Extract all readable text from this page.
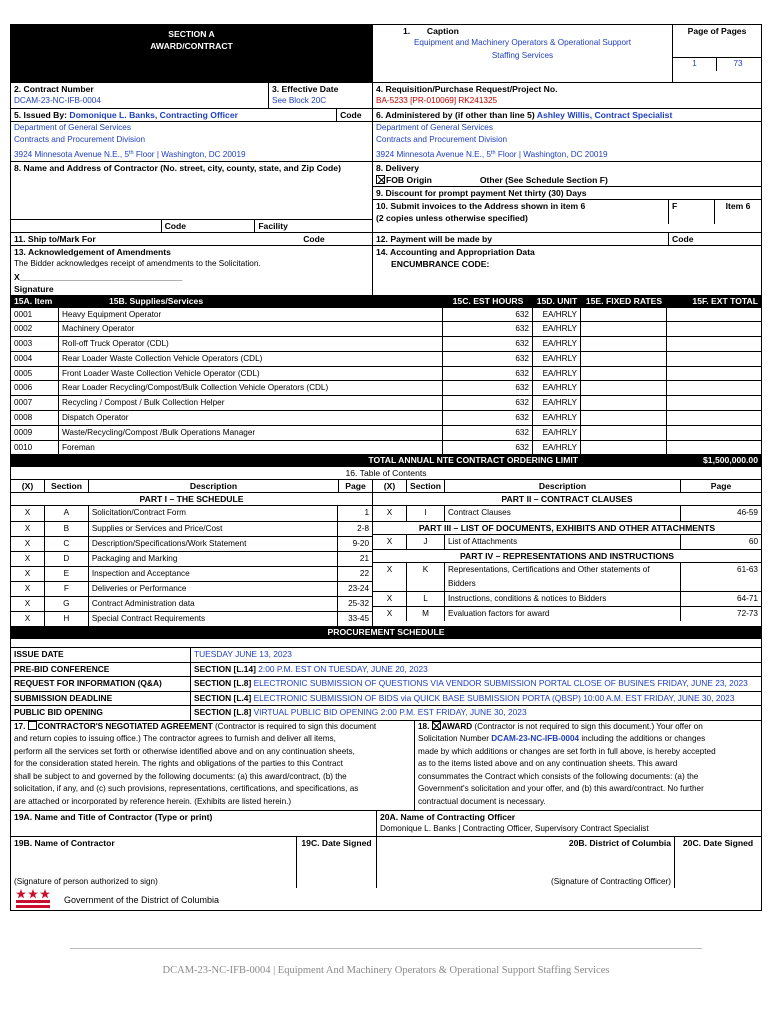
SECTION A
AWARD/CONTRACT
1. Caption
Equipment and Machinery Operators & Operational Support
Staffing Services
Page of Pages
1	73
2. Contract Number
DCAM-23-NC-IFB-0004
3. Effective Date
See Block 20C
4. Requisition/Purchase Request/Project No.
BA-5233 [PR-010069] RK241325
5. Issued By: Domonique L. Banks, Contracting Officer	Code
Department of General Services
Contracts and Procurement Division
3924 Minnesota Avenue N.E., 5th Floor | Washington, DC 20019
6. Administered by (if other than line 5) Ashley Willis, Contract Specialist
Department of General Services
Contracts and Procurement Division
3924 Minnesota Avenue N.E., 5th Floor | Washington, DC 20019
8. Name and Address of Contractor (No. street, city, county, state, and Zip Code)
Code	Facility
8. Delivery
FOB Origin	Other (See Schedule Section F)
9. Discount for prompt payment Net thirty (30) Days
10. Submit invoices to the Address shown in item 6
(2 copies unless otherwise specified)
F	Item 6
11. Ship to/Mark For	Code	12. Payment will be made by	Code
13. Acknowledgement of Amendments
The Bidder acknowledges receipt of amendments to the Solicitation.
X__________________________________
Signature
14. Accounting and Appropriation Data
ENCUMBRANCE CODE:
15A. Item	15B. Supplies/Services	15C. EST HOURS	15D. UNIT 15E. FIXED RATES	15F. EXT TOTAL
0001	Heavy Equipment Operator	632	EA/HRLY

0002	Machinery Operator	632	EA/HRLY

0003	Roll-off Truck Operator (CDL)	632	EA/HRLY

0004	Rear Loader Waste Collection Vehicle Operators (CDL)	632	EA/HRLY

0005	Front Loader Waste Collection Vehicle Operator (CDL)	632	EA/HRLY

0006	Rear Loader Recycling/Compost/Bulk Collection Vehicle Operators (CDL)	632	EA/HRLY

0007	Recycling / Compost / Bulk Collection Helper	632	EA/HRLY

0008	Dispatch Operator	632	EA/HRLY

0009	Waste/Recycling/Compost /Bulk Operations Manager	632	EA/HRLY

0010	Foreman	632	EA/HRLY

TOTAL ANNUAL NTE CONTRACT ORDERING LIMIT	$1,500,000.00
16. Table of Contents
(X)	Section	Description	Page	(X)	Section	Description	Page
PART I – THE SCHEDULE
X	A	Solicitation/Contract Form	1
X	B	Supplies or Services and Price/Cost	2-8
X	C	Description/Specifications/Work Statement	9-20
X	D	Packaging and Marking	21
X	E	Inspection and Acceptance	22
X	F	Deliveries or Performance	23-24
X	G	Contract Administration data	25-32
X	H	Special Contract Requirements	33-45
PART II – CONTRACT CLAUSES
X	I	Contract Clauses	46-59
PART III – LIST OF DOCUMENTS, EXHIBITS AND OTHER ATTACHMENTS
X	J	List of Attachments	60
PART IV – REPRESENTATIONS AND INSTRUCTIONS
X	K	Representations, Certifications and Other statements of
Bidders
61-63
X	L	Instructions, conditions & notices to Bidders	64-71
X	M	Evaluation factors for award	72-73
PROCUREMENT SCHEDULE
ISSUE DATE	TUESDAY JUNE 13, 2023
PRE-BID CONFERENCE	SECTION [L.14] 2:00 P.M. EST ON TUESDAY, JUNE 20, 2023
REQUEST FOR INFORMATION (Q&A)	SECTION [L.8] ELECTRONIC SUBMISSION OF QUESTIONS VIA VENDOR SUBMISSION PORTAL CLOSE OF BUSINES FRIDAY, JUNE 23, 2023
SUBMISSION DEADLINE	SECTION [L.4] ELECTRONIC SUBMISSION OF BIDS via QUICK BASE SUBMISSION PORTA (QBSP) 10:00 A.M. EST FRIDAY, JUNE 30, 2023
PUBLIC BID OPENING	SECTION [L.8] VIRTUAL PUBLIC BID OPENING 2:00 P.M. EST FRIDAY, JUNE 30, 2023
17. CONTRACTOR'S NEGOTIATED AGREEMENT (Contractor is required to sign this document
and return copies to issuing office.) The contractor agrees to furnish and deliver all items,
perform all the services set forth or otherwise identified above and on any continuation sheets,
for the consideration stated herein. The rights and obligations of the parties to this Contract
shall be subject to and governed by the following documents: (a) this award/contract, (b) the
solicitation, if any, and (c) such provisions, representations, certifications, and specifications, as
are attached or incorporated by reference herein. (Exhibits are listed herein.)
18. AWARD (Contractor is not required to sign this document.) Your offer on
Solicitation Number DCAM-23-NC-IFB-0004 including the additions or changes
made by which additions or changes are set forth in full above, is hereby accepted
as to the items listed above and on any continuation sheets. This award
consummates the Contract which consists of the following documents: (a) the
Government's solicitation and your offer, and (b) this award/contract. No further
contractual document is necessary.
19A. Name and Title of Contractor (Type or print)	20A. Name of Contracting Officer
Domonique L. Banks | Contracting Officer, Supervisory Contract Specialist
19B. Name of Contractor
(Signature of person authorized to sign)
19C. Date Signed	20B. District of Columbia
(Signature of Contracting Officer)
20C. Date Signed
Government of the District of Columbia
DCAM-23-NC-IFB-0004 | Equipment And Machinery Operators & Operational Support Staffing Services
